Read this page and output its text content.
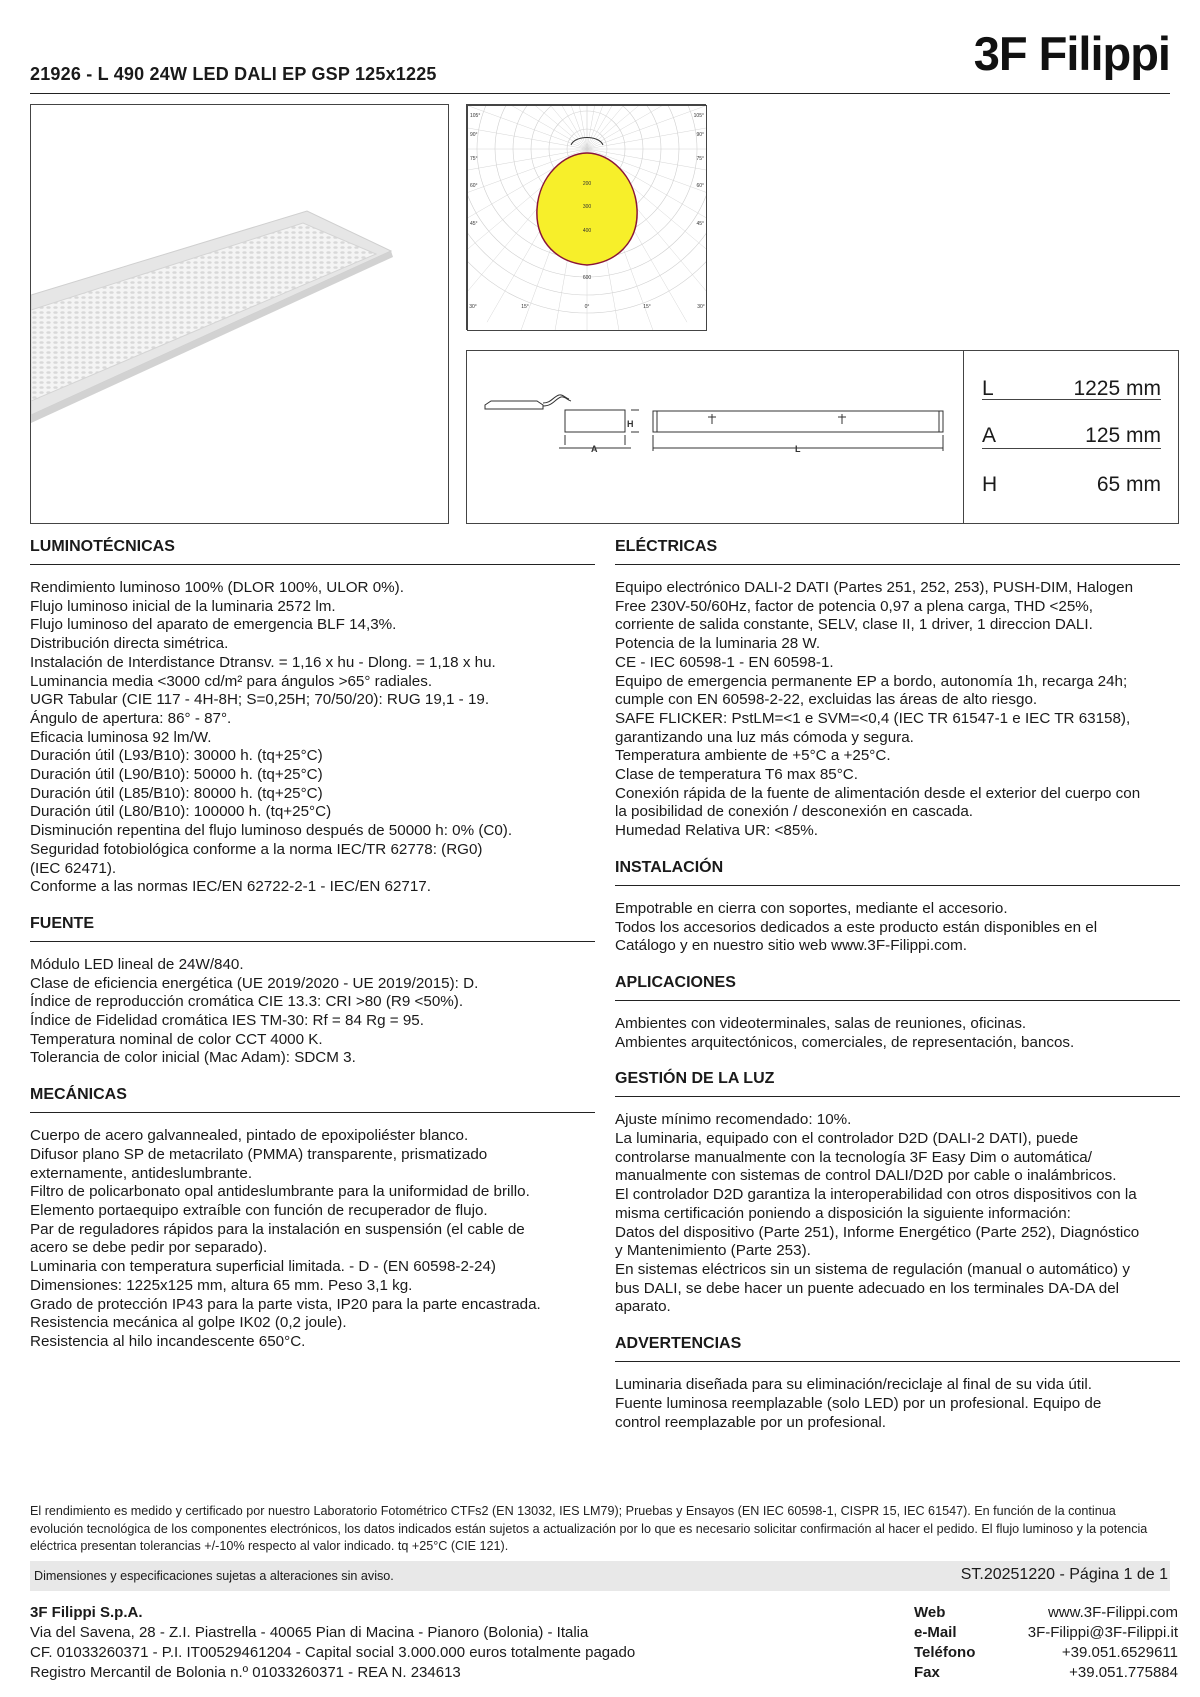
21926 - L 490 24W LED DALI EP GSP 125x1225	3F Filippi
105°
90°
75°
60°
45°
105°
90°
75°
60°
45°
30°	15°	0°	15°	30°
200
300
400
600
H
A	L
L	1225 mm
A	125 mm
H	65 mm
LUMINOTÉCNICAS
Rendimiento luminoso 100% (DLOR 100%, ULOR 0%).
Flujo luminoso inicial de la luminaria 2572 lm.
Flujo luminoso del aparato de emergencia BLF 14,3%.
Distribución directa simétrica.
Instalación de Interdistance Dtransv. = 1,16 x hu - Dlong. = 1,18 x hu.
Luminancia media <3000 cd/m² para ángulos >65° radiales.
UGR Tabular (CIE 117 - 4H-8H; S=0,25H; 70/50/20): RUG 19,1 - 19.
Ángulo de apertura: 86° - 87°.
Eficacia luminosa 92 lm/W.
Duración útil (L93/B10): 30000 h. (tq+25°C)
Duración útil (L90/B10): 50000 h. (tq+25°C)
Duración útil (L85/B10): 80000 h. (tq+25°C)
Duración útil (L80/B10): 100000 h. (tq+25°C)
Disminución repentina del flujo luminoso después de 50000 h: 0% (C0).
Seguridad fotobiológica conforme a la norma IEC/TR 62778: (RG0)
(IEC 62471).
Conforme a las normas IEC/EN 62722-2-1 - IEC/EN 62717.
FUENTE
Módulo LED lineal de 24W/840.
Clase de eficiencia energética (UE 2019/2020 - UE 2019/2015): D.
Índice de reproducción cromática CIE 13.3: CRI >80 (R9 <50%).
Índice de Fidelidad cromática IES TM-30: Rf = 84 Rg = 95.
Temperatura nominal de color CCT 4000 K.
Tolerancia de color inicial (Mac Adam): SDCM 3.
MECÁNICAS
Cuerpo de acero galvannealed, pintado de epoxipoliéster blanco.
Difusor plano SP de metacrilato (PMMA) transparente, prismatizado
externamente, antideslumbrante.
Filtro de policarbonato opal antideslumbrante para la uniformidad de brillo.
Elemento portaequipo extraíble con función de recuperador de flujo.
Par de reguladores rápidos para la instalación en suspensión (el cable de
acero se debe pedir por separado).
Luminaria con temperatura superficial limitada. - D - (EN 60598-2-24)
Dimensiones: 1225x125 mm, altura 65 mm. Peso 3,1 kg.
Grado de protección IP43 para la parte vista, IP20 para la parte encastrada.
Resistencia mecánica al golpe IK02 (0,2 joule).
Resistencia al hilo incandescente 650°C.
ELÉCTRICAS
Equipo electrónico DALI-2 DATI (Partes 251, 252, 253), PUSH-DIM, Halogen
Free 230V-50/60Hz, factor de potencia 0,97 a plena carga, THD <25%,
corriente de salida constante, SELV, clase II, 1 driver, 1 direccion DALI.
Potencia de la luminaria 28 W.
CE - IEC 60598-1 - EN 60598-1.
Equipo de emergencia permanente EP a bordo, autonomía 1h, recarga 24h;
cumple con EN 60598-2-22, excluidas las áreas de alto riesgo.
SAFE FLICKER: PstLM=<1 e SVM=<0,4 (IEC TR 61547-1 e IEC TR 63158),
garantizando una luz más cómoda y segura.
Temperatura ambiente de +5°C a +25°C.
Clase de temperatura T6 max 85°C.
Conexión rápida de la fuente de alimentación desde el exterior del cuerpo con
la posibilidad de conexión / desconexión en cascada.
Humedad Relativa UR: <85%.
INSTALACIÓN
Empotrable en cierra con soportes, mediante el accesorio.
Todos los accesorios dedicados a este producto están disponibles en el
Catálogo y en nuestro sitio web www.3F-Filippi.com.
APLICACIONES
Ambientes con videoterminales, salas de reuniones, oficinas.
Ambientes arquitectónicos, comerciales, de representación, bancos.
GESTIÓN DE LA LUZ
Ajuste mínimo recomendado: 10%.
La luminaria, equipado con el controlador D2D (DALI-2 DATI), puede
controlarse manualmente con la tecnología 3F Easy Dim o automática/
manualmente con sistemas de control DALI/D2D por cable o inalámbricos.
El controlador D2D garantiza la interoperabilidad con otros dispositivos con la
misma certificación poniendo a disposición la siguiente información:
Datos del dispositivo (Parte 251), Informe Energético (Parte 252), Diagnóstico
y Mantenimiento (Parte 253).
En sistemas eléctricos sin un sistema de regulación (manual o automático) y
bus DALI, se debe hacer un puente adecuado en los terminales DA-DA del
aparato.
ADVERTENCIAS
Luminaria diseñada para su eliminación/reciclaje al final de su vida útil.
Fuente luminosa reemplazable (solo LED) por un profesional. Equipo de
control reemplazable por un profesional.
El rendimiento es medido y certificado por nuestro Laboratorio Fotométrico CTFs2 (EN 13032, IES LM79); Pruebas y Ensayos (EN IEC 60598-1, CISPR 15, IEC 61547). En función de la continua evolución tecnológica de los componentes electrónicos, los datos indicados están sujetos a actualización por lo que es necesario solicitar confirmación al hacer el pedido. El flujo luminoso y la potencia eléctrica presentan tolerancias +/-10% respecto al valor indicado. tq +25°C (CIE 121).
Dimensiones y especificaciones sujetas a alteraciones sin aviso.	ST.20251220 - Página 1 de 1
3F Filippi S.p.A.
Via del Savena, 28 - Z.I. Piastrella - 40065 Pian di Macina - Pianoro (Bolonia) - Italia
CF. 01033260371 - P.I. IT00529461204 - Capital social 3.000.000 euros totalmente pagado
Registro Mercantil de Bolonia n.º 01033260371 - REA N. 234613
Web	www.3F-Filippi.com
e-Mail	3F-Filippi@3F-Filippi.it
Teléfono	+39.051.6529611
Fax	+39.051.775884
